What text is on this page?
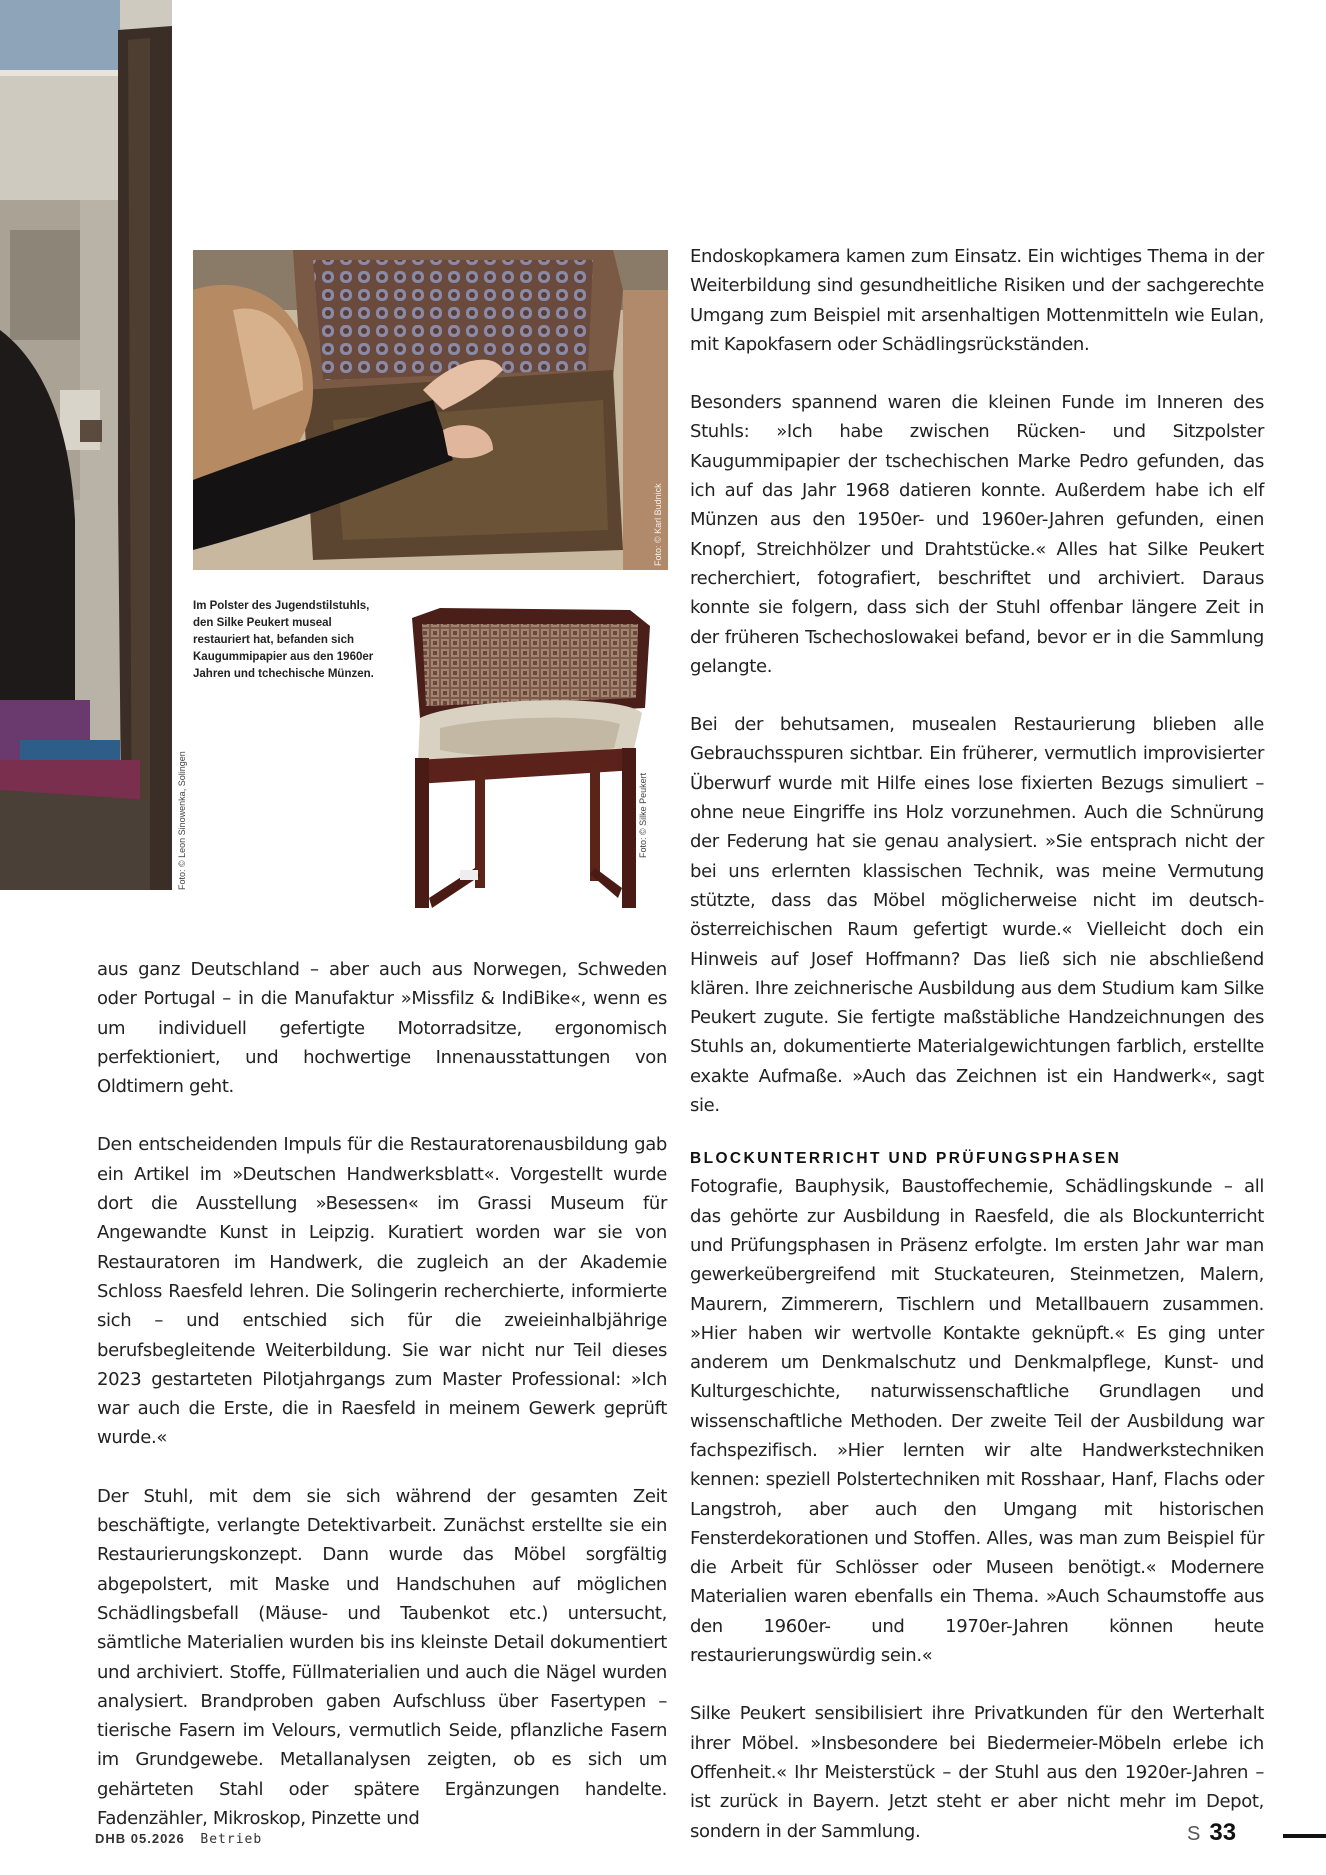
Foto: © Leon Sinowenka, Solingen
Foto: © Karl Budnick
Im Polster des Jugendstilstuhls, den Silke Peukert museal restauriert hat, befanden sich Kaugummipapier aus den 1960er Jahren und tchechische Münzen.
Foto: © Silke Peukert

aus ganz Deutschland – aber auch aus Norwegen, Schweden oder Portugal – in die Manufaktur »Missfilz & IndiBike«, wenn es um individuell gefertigte Motorradsitze, ergonomisch perfektioniert, und hochwertige Innenausstattungen von Oldtimern geht.

Den entscheidenden Impuls für die Restauratorenausbildung gab ein Artikel im »Deutschen Handwerksblatt«. Vorgestellt wurde dort die Ausstellung »Besessen« im Grassi Museum für Angewandte Kunst in Leipzig. Kuratiert worden war sie von Restauratoren im Handwerk, die zugleich an der Akademie Schloss Raesfeld lehren. Die Solingerin recherchierte, informierte sich – und entschied sich für die zweieinhalbjährige berufsbegleitende Weiterbildung. Sie war nicht nur Teil dieses 2023 gestarteten Pilotjahrgangs zum Master Professional: »Ich war auch die Erste, die in Raesfeld in meinem Gewerk geprüft wurde.«

Der Stuhl, mit dem sie sich während der gesamten Zeit beschäftigte, verlangte Detektivarbeit. Zunächst erstellte sie ein Restaurierungskonzept. Dann wurde das Möbel sorgfältig abgepolstert, mit Maske und Handschuhen auf möglichen Schädlingsbefall (Mäuse- und Taubenkot etc.) untersucht, sämtliche Materialien wurden bis ins kleinste Detail dokumentiert und archiviert. Stoffe, Füllmaterialien und auch die Nägel wurden analysiert. Brandproben gaben Aufschluss über Fasertypen – tierische Fasern im Velours, vermutlich Seide, pflanzliche Fasern im Grundgewebe. Metallanalysen zeigten, ob es sich um gehärteten Stahl oder spätere Ergänzungen handelte. Fadenzähler, Mikroskop, Pinzette und

Endoskopkamera kamen zum Einsatz. Ein wichtiges Thema in der Weiterbildung sind gesundheitliche Risiken und der sachgerechte Umgang zum Beispiel mit arsenhaltigen Mottenmitteln wie Eulan, mit Kapokfasern oder Schädlingsrückständen.

Besonders spannend waren die kleinen Funde im Inneren des Stuhls: »Ich habe zwischen Rücken- und Sitzpolster Kaugummipapier der tschechischen Marke Pedro gefunden, das ich auf das Jahr 1968 datieren konnte. Außerdem habe ich elf Münzen aus den 1950er- und 1960er-Jahren gefunden, einen Knopf, Streichhölzer und Drahtstücke.« Alles hat Silke Peukert recherchiert, fotografiert, beschriftet und archiviert. Daraus konnte sie folgern, dass sich der Stuhl offenbar längere Zeit in der früheren Tschechoslowakei befand, bevor er in die Sammlung gelangte.

Bei der behutsamen, musealen Restaurierung blieben alle Gebrauchsspuren sichtbar. Ein früherer, vermutlich improvisierter Überwurf wurde mit Hilfe eines lose fixierten Bezugs simuliert – ohne neue Eingriffe ins Holz vorzunehmen. Auch die Schnürung der Federung hat sie genau analysiert. »Sie entsprach nicht der bei uns erlernten klassischen Technik, was meine Vermutung stützte, dass das Möbel möglicherweise nicht im deutsch-österreichischen Raum gefertigt wurde.« Vielleicht doch ein Hinweis auf Josef Hoffmann? Das ließ sich nie abschließend klären. Ihre zeichnerische Ausbildung aus dem Studium kam Silke Peukert zugute. Sie fertigte maßstäbliche Handzeichnungen des Stuhls an, dokumentierte Materialgewichtungen farblich, erstellte exakte Aufmaße. »Auch das Zeichnen ist ein Handwerk«, sagt sie.

BLOCKUNTERRICHT UND PRÜFUNGSPHASEN

Fotografie, Bauphysik, Baustoffechemie, Schädlingskunde – all das gehörte zur Ausbildung in Raesfeld, die als Blockunterricht und Prüfungsphasen in Präsenz erfolgte. Im ersten Jahr war man gewerkeübergreifend mit Stuckateuren, Steinmetzen, Malern, Maurern, Zimmerern, Tischlern und Metallbauern zusammen. »Hier haben wir wertvolle Kontakte geknüpft.« Es ging unter anderem um Denkmalschutz und Denkmalpflege, Kunst- und Kulturgeschichte, naturwissenschaftliche Grundlagen und wissenschaftliche Methoden. Der zweite Teil der Ausbildung war fachspezifisch. »Hier lernten wir alte Handwerkstechniken kennen: speziell Polstertechniken mit Rosshaar, Hanf, Flachs oder Langstroh, aber auch den Umgang mit historischen Fensterdekorationen und Stoffen. Alles, was man zum Beispiel für die Arbeit für Schlösser oder Museen benötigt.« Modernere Materialien waren ebenfalls ein Thema. »Auch Schaumstoffe aus den 1960er- und 1970er-Jahren können heute restaurierungswürdig sein.«

Silke Peukert sensibilisiert ihre Privatkunden für den Werterhalt ihrer Möbel. »Insbesondere bei Biedermeier-Möbeln erlebe ich Offenheit.« Ihr Meisterstück – der Stuhl aus den 1920er-Jahren – ist zurück in Bayern. Jetzt steht er aber nicht mehr im Depot, sondern in der Sammlung.

DHB 05.2026 Betrieb	S 33
